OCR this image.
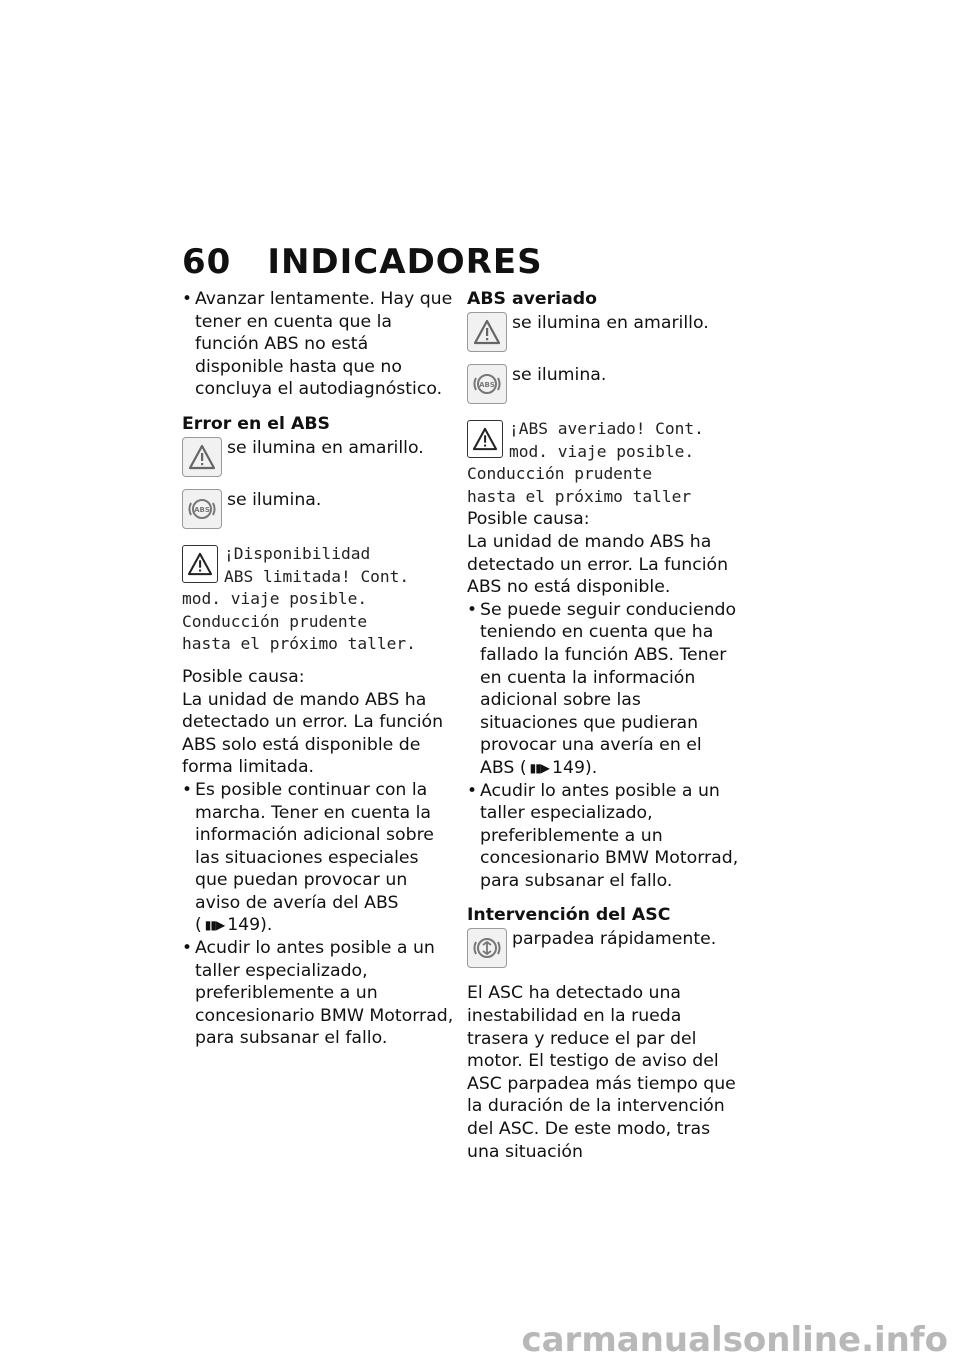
60 INDICADORES
• Avanzar lentamente. Hay que tener en cuenta que la función ABS no está disponible hasta que no concluya el autodiagnóstico.
Error en el ABS
se ilumina en amarillo.
ABS se ilumina.
¡Disponibilidad
ABS limitada! Cont.
mod. viaje posible.
Conducción prudente
hasta el próximo taller.

Posible causa:

La unidad de mando ABS ha detectado un error. La función ABS solo está disponible de forma limitada.

• Es posible continuar con la marcha. Tener en cuenta la información adicional sobre las situaciones especiales que puedan provocar un aviso de avería del ABS ( ▮▮▶ 149).
• Acudir lo antes posible a un taller especializado, preferiblemente a un concesionario BMW Motorrad, para subsanar el fallo.
ABS averiado
se ilumina en amarillo.
ABS se ilumina.
¡ABS averiado! Cont.
mod. viaje posible.
Conducción prudente
hasta el próximo taller

Posible causa:

La unidad de mando ABS ha detectado un error. La función ABS no está disponible.

• Se puede seguir conduciendo teniendo en cuenta que ha fallado la función ABS. Tener en cuenta la información adicional sobre las situaciones que pudieran provocar una avería en el ABS ( ▮▮▶ 149).
• Acudir lo antes posible a un taller especializado, preferiblemente a un concesionario BMW Motorrad, para subsanar el fallo.
Intervención del ASC
parpadea rápidamente.

El ASC ha detectado una inestabilidad en la rueda trasera y reduce el par del motor. El testigo de aviso del ASC parpadea más tiempo que la duración de la intervención del ASC. De este modo, tras una situación

carmanualsonline.info
